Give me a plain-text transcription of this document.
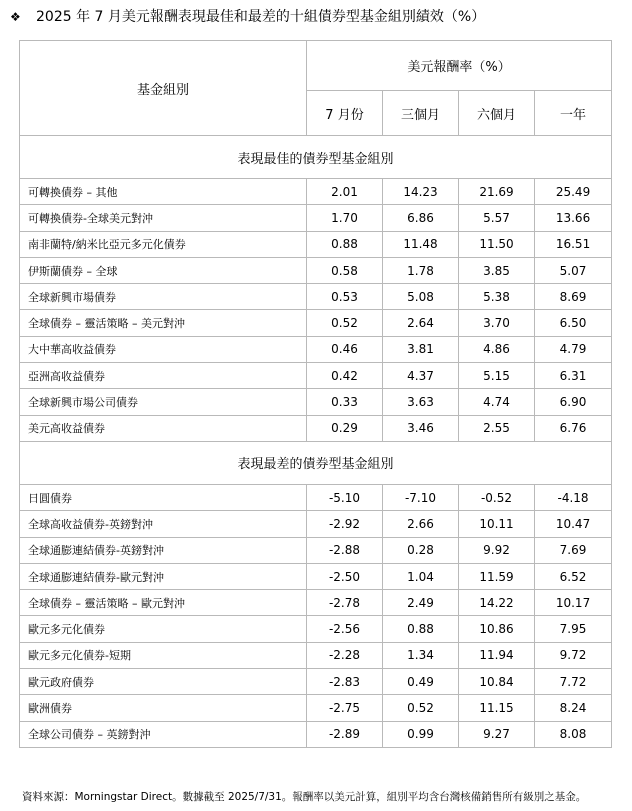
❖ 2025 年 7 月美元報酬表現最佳和最差的十組債券型基金組別績效（%）
基金組別	美元報酬率（%）			
	7 月份	三個月	六個月	一年
表現最佳的債券型基金組別				
可轉換債券 – 其他	2.01	14.23	21.69	25.49
可轉換債券-全球美元對沖	1.70	6.86	5.57	13.66
南非蘭特/納米比亞元多元化債券	0.88	11.48	11.50	16.51
伊斯蘭債券 – 全球	0.58	1.78	3.85	5.07
全球新興市場債券	0.53	5.08	5.38	8.69
全球債券 – 靈活策略 – 美元對沖	0.52	2.64	3.70	6.50
大中華高收益債券	0.46	3.81	4.86	4.79
亞洲高收益債券	0.42	4.37	5.15	6.31
全球新興市場公司債券	0.33	3.63	4.74	6.90
美元高收益債券	0.29	3.46	2.55	6.76
表現最差的債券型基金組別				
日圓債券	-5.10	-7.10	-0.52	-4.18
全球高收益債券-英鎊對沖	-2.92	2.66	10.11	10.47
全球通膨連結債券-英鎊對沖	-2.88	0.28	9.92	7.69
全球通膨連結債券-歐元對沖	-2.50	1.04	11.59	6.52
全球債券 – 靈活策略 – 歐元對沖	-2.78	2.49	14.22	10.17
歐元多元化債券	-2.56	0.88	10.86	7.95
歐元多元化債券-短期	-2.28	1.34	11.94	9.72
歐元政府債券	-2.83	0.49	10.84	7.72
歐洲債券	-2.75	0.52	11.15	8.24
全球公司債券 – 英鎊對沖	-2.89	0.99	9.27	8.08
資料來源：Morningstar Direct。數據截至 2025/7/31。報酬率以美元計算，組別平均含台灣核備銷售所有級別之基金。
